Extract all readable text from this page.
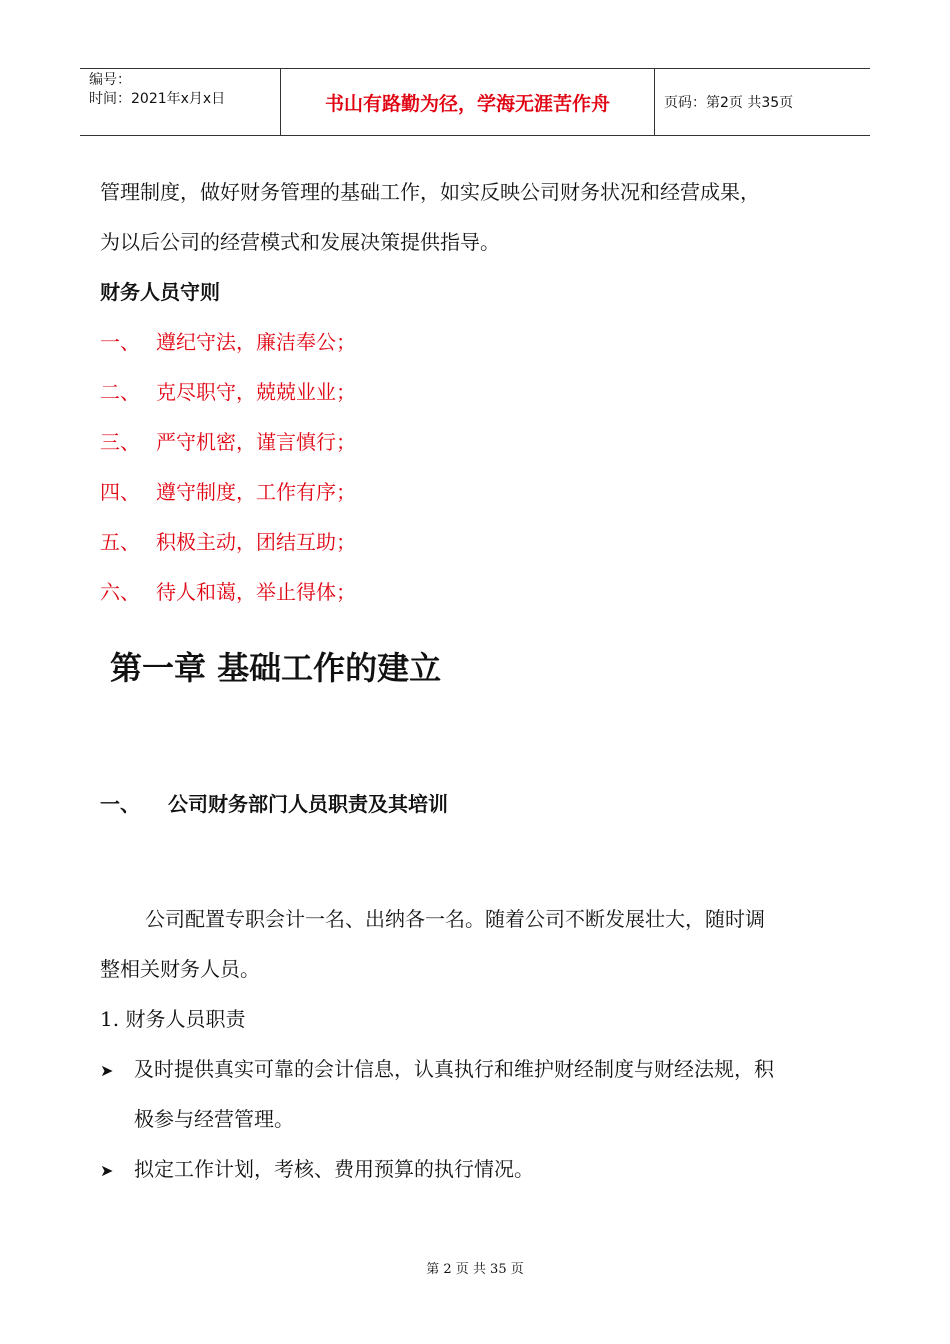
编号：
时间：2021年x月x日	书山有路勤为径，学海无涯苦作舟	页码：第2页 共35页
管理制度，做好财务管理的基础工作，如实反映公司财务状况和经营成果，
为以后公司的经营模式和发展决策提供指导。
财务人员守则
一、 遵纪守法，廉洁奉公；
二、 克尽职守，兢兢业业；
三、 严守机密，谨言慎行；
四、 遵守制度，工作有序；
五、 积极主动，团结互助；
六、 待人和蔼，举止得体；
第一章 基础工作的建立
一、 公司财务部门人员职责及其培训
公司配置专职会计一名、出纳各一名。随着公司不断发展壮大，随时调
整相关财务人员。
1. 财务人员职责
➤ 及时提供真实可靠的会计信息，认真执行和维护财经制度与财经法规，积
极参与经营管理。
➤ 拟定工作计划，考核、费用预算的执行情况。
第 2 页 共 35 页
